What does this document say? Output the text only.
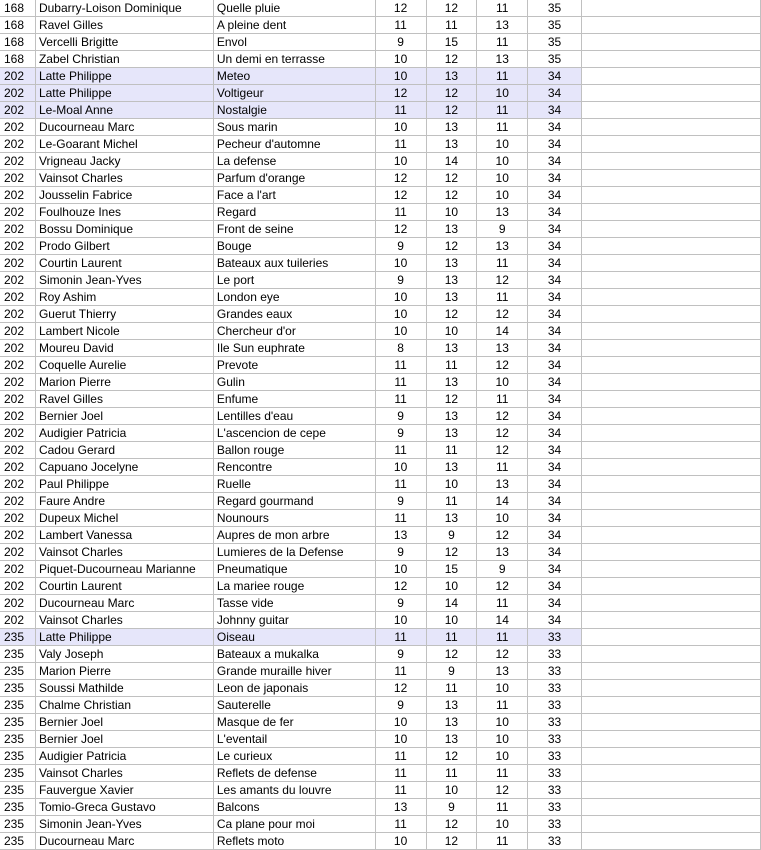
168	Dubarry-Loison Dominique	Quelle pluie	12	12	11	35	
168	Ravel Gilles	A pleine dent	11	11	13	35	
168	Vercelli Brigitte	Envol	9	15	11	35	
168	Zabel Christian	Un demi en terrasse	10	12	13	35	
202	Latte Philippe	Meteo	10	13	11	34	
202	Latte Philippe	Voltigeur	12	12	10	34	
202	Le-Moal Anne	Nostalgie	11	12	11	34	
202	Ducourneau Marc	Sous marin	10	13	11	34	
202	Le-Goarant Michel	Pecheur d'automne	11	13	10	34	
202	Vrigneau Jacky	La defense	10	14	10	34	
202	Vainsot Charles	Parfum d'orange	12	12	10	34	
202	Jousselin Fabrice	Face a l'art	12	12	10	34	
202	Foulhouze Ines	Regard	11	10	13	34	
202	Bossu Dominique	Front de seine	12	13	9	34	
202	Prodo Gilbert	Bouge	9	12	13	34	
202	Courtin Laurent	Bateaux aux tuileries	10	13	11	34	
202	Simonin Jean-Yves	Le port	9	13	12	34	
202	Roy Ashim	London eye	10	13	11	34	
202	Guerut Thierry	Grandes eaux	10	12	12	34	
202	Lambert Nicole	Chercheur d'or	10	10	14	34	
202	Moureu David	Ile Sun euphrate	8	13	13	34	
202	Coquelle Aurelie	Prevote	11	11	12	34	
202	Marion Pierre	Gulin	11	13	10	34	
202	Ravel Gilles	Enfume	11	12	11	34	
202	Bernier Joel	Lentilles d'eau	9	13	12	34	
202	Audigier Patricia	L'ascencion de cepe	9	13	12	34	
202	Cadou Gerard	Ballon rouge	11	11	12	34	
202	Capuano Jocelyne	Rencontre	10	13	11	34	
202	Paul Philippe	Ruelle	11	10	13	34	
202	Faure Andre	Regard gourmand	9	11	14	34	
202	Dupeux Michel	Nounours	11	13	10	34	
202	Lambert Vanessa	Aupres de mon arbre	13	9	12	34	
202	Vainsot Charles	Lumieres de la Defense	9	12	13	34	
202	Piquet-Ducourneau Marianne	Pneumatique	10	15	9	34	
202	Courtin Laurent	La mariee rouge	12	10	12	34	
202	Ducourneau Marc	Tasse vide	9	14	11	34	
202	Vainsot Charles	Johnny guitar	10	10	14	34	
235	Latte Philippe	Oiseau	11	11	11	33	
235	Valy Joseph	Bateaux a mukalka	9	12	12	33	
235	Marion Pierre	Grande muraille hiver	11	9	13	33	
235	Soussi Mathilde	Leon de japonais	12	11	10	33	
235	Chalme Christian	Sauterelle	9	13	11	33	
235	Bernier Joel	Masque de fer	10	13	10	33	
235	Bernier Joel	L'eventail	10	13	10	33	
235	Audigier Patricia	Le curieux	11	12	10	33	
235	Vainsot Charles	Reflets de defense	11	11	11	33	
235	Fauvergue Xavier	Les amants du louvre	11	10	12	33	
235	Tomio-Greca Gustavo	Balcons	13	9	11	33	
235	Simonin Jean-Yves	Ca plane pour moi	11	12	10	33	
235	Ducourneau Marc	Reflets moto	10	12	11	33	
